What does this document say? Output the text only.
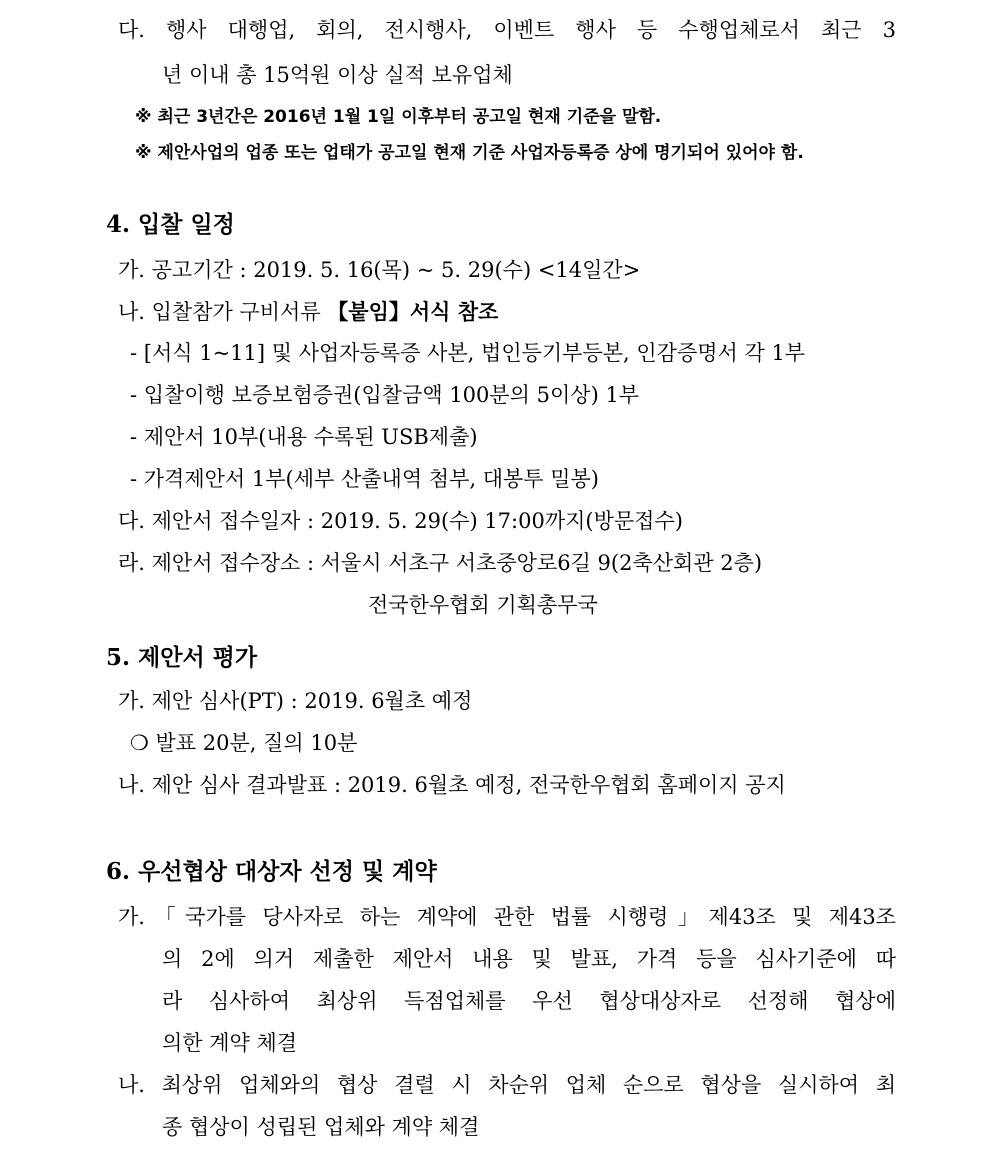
다. 행사 대행업, 회의, 전시행사, 이벤트 행사 등 수행업체로서 최근 3
년 이내 총 15억원 이상 실적 보유업체
※ 최근 3년간은 2016년 1월 1일 이후부터 공고일 현재 기준을 말함.
※ 제안사업의 업종 또는 업태가 공고일 현재 기준 사업자등록증 상에 명기되어 있어야 함.
4. 입찰 일정
가. 공고기간 : 2019. 5. 16(목) ~ 5. 29(수) <14일간>
나. 입찰참가 구비서류 【붙임】서식 참조
- [서식 1~11] 및 사업자등록증 사본, 법인등기부등본, 인감증명서 각 1부
- 입찰이행 보증보험증권(입찰금액 100분의 5이상) 1부
- 제안서 10부(내용 수록된 USB제출)
- 가격제안서 1부(세부 산출내역 첨부, 대봉투 밀봉)
다. 제안서 접수일자 : 2019. 5. 29(수) 17:00까지(방문접수)
라. 제안서 접수장소 : 서울시 서초구 서초중앙로6길 9(2축산회관 2층)
전국한우협회 기획총무국
5. 제안서 평가
가. 제안 심사(PT) : 2019. 6월초 예정
❍ 발표 20분, 질의 10분
나. 제안 심사 결과발표 : 2019. 6월초 예정, 전국한우협회 홈페이지 공지
6. 우선협상 대상자 선정 및 계약
가.「국가를 당사자로 하는 계약에 관한 법률 시행령」제43조 및 제43조
의 2에 의거 제출한 제안서 내용 및 발표, 가격 등을 심사기준에 따
라 심사하여 최상위 득점업체를 우선 협상대상자로 선정해 협상에
의한 계약 체결
나. 최상위 업체와의 협상 결렬 시 차순위 업체 순으로 협상을 실시하여 최
종 협상이 성립된 업체와 계약 체결
